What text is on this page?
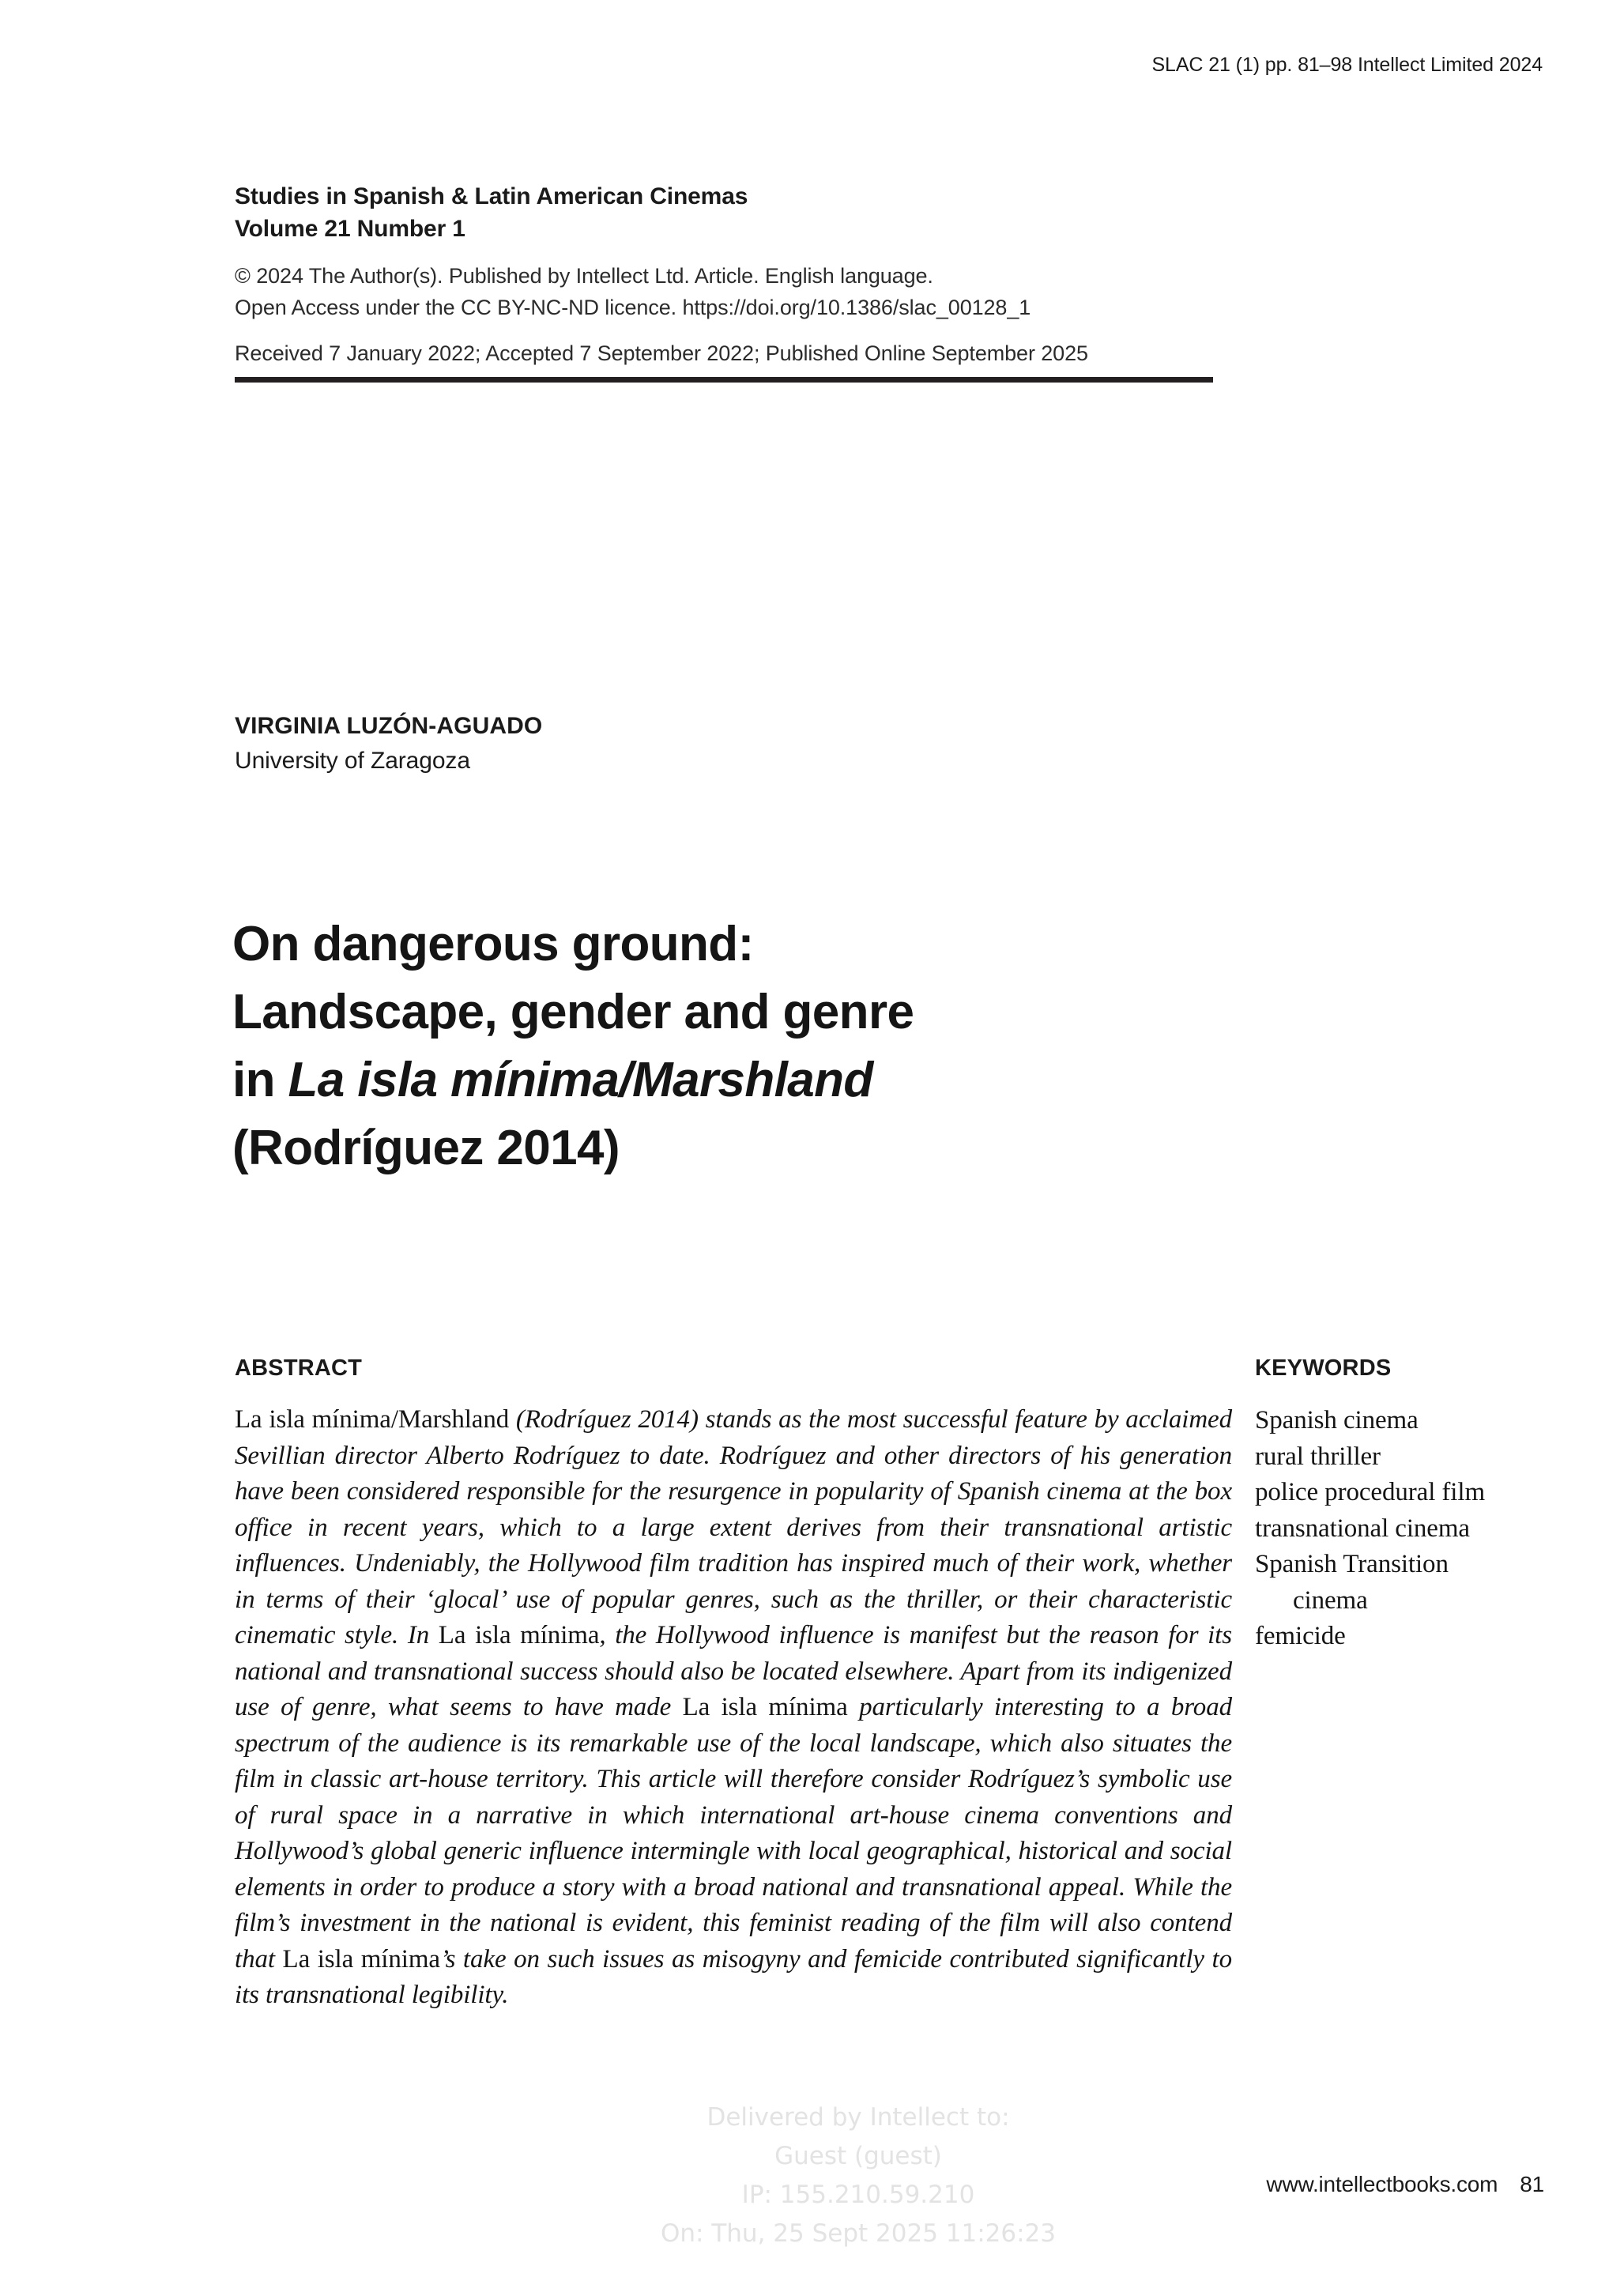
SLAC 21 (1) pp. 81–98 Intellect Limited 2024
Studies in Spanish & Latin American Cinemas
Volume 21 Number 1
© 2024 The Author(s). Published by Intellect Ltd. Article. English language.
Open Access under the CC BY-NC-ND licence. https://doi.org/10.1386/slac_00128_1
Received 7 January 2022; Accepted 7 September 2022; Published Online September 2025
VIRGINIA LUZÓN-AGUADO
University of Zaragoza
On dangerous ground:
Landscape, gender and genre
in La isla mínima/Marshland
(Rodríguez 2014)
ABSTRACT
La isla mínima/Marshland (Rodríguez 2014) stands as the most successful feature by acclaimed Sevillian director Alberto Rodríguez to date. Rodríguez and other directors of his generation have been considered responsible for the resurgence in popularity of Spanish cinema at the box office in recent years, which to a large extent derives from their transnational artistic influences. Undeniably, the Hollywood film tradition has inspired much of their work, whether in terms of their ‘glocal’ use of popular genres, such as the thriller, or their characteristic cinematic style. In La isla mínima, the Hollywood influence is manifest but the reason for its national and transnational success should also be located elsewhere. Apart from its indigenized use of genre, what seems to have made La isla mínima particularly interesting to a broad spectrum of the audience is its remarkable use of the local landscape, which also situates the film in classic art-house territory. This article will therefore consider Rodríguez’s symbolic use of rural space in a narrative in which international art-house cinema conventions and Hollywood’s global generic influence intermingle with local geographical, historical and social elements in order to produce a story with a broad national and transnational appeal. While the film’s investment in the national is evident, this feminist reading of the film will also contend that La isla mínima’s take on such issues as misogyny and femicide contributed significantly to its transnational legibility.
KEYWORDS
Spanish cinema
rural thriller
police procedural film
transnational cinema
Spanish Transition
cinema
femicide
Delivered by Intellect to:
Guest (guest)
IP: 155.210.59.210
On: Thu, 25 Sept 2025 11:26:23
www.intellectbooks.com 81
